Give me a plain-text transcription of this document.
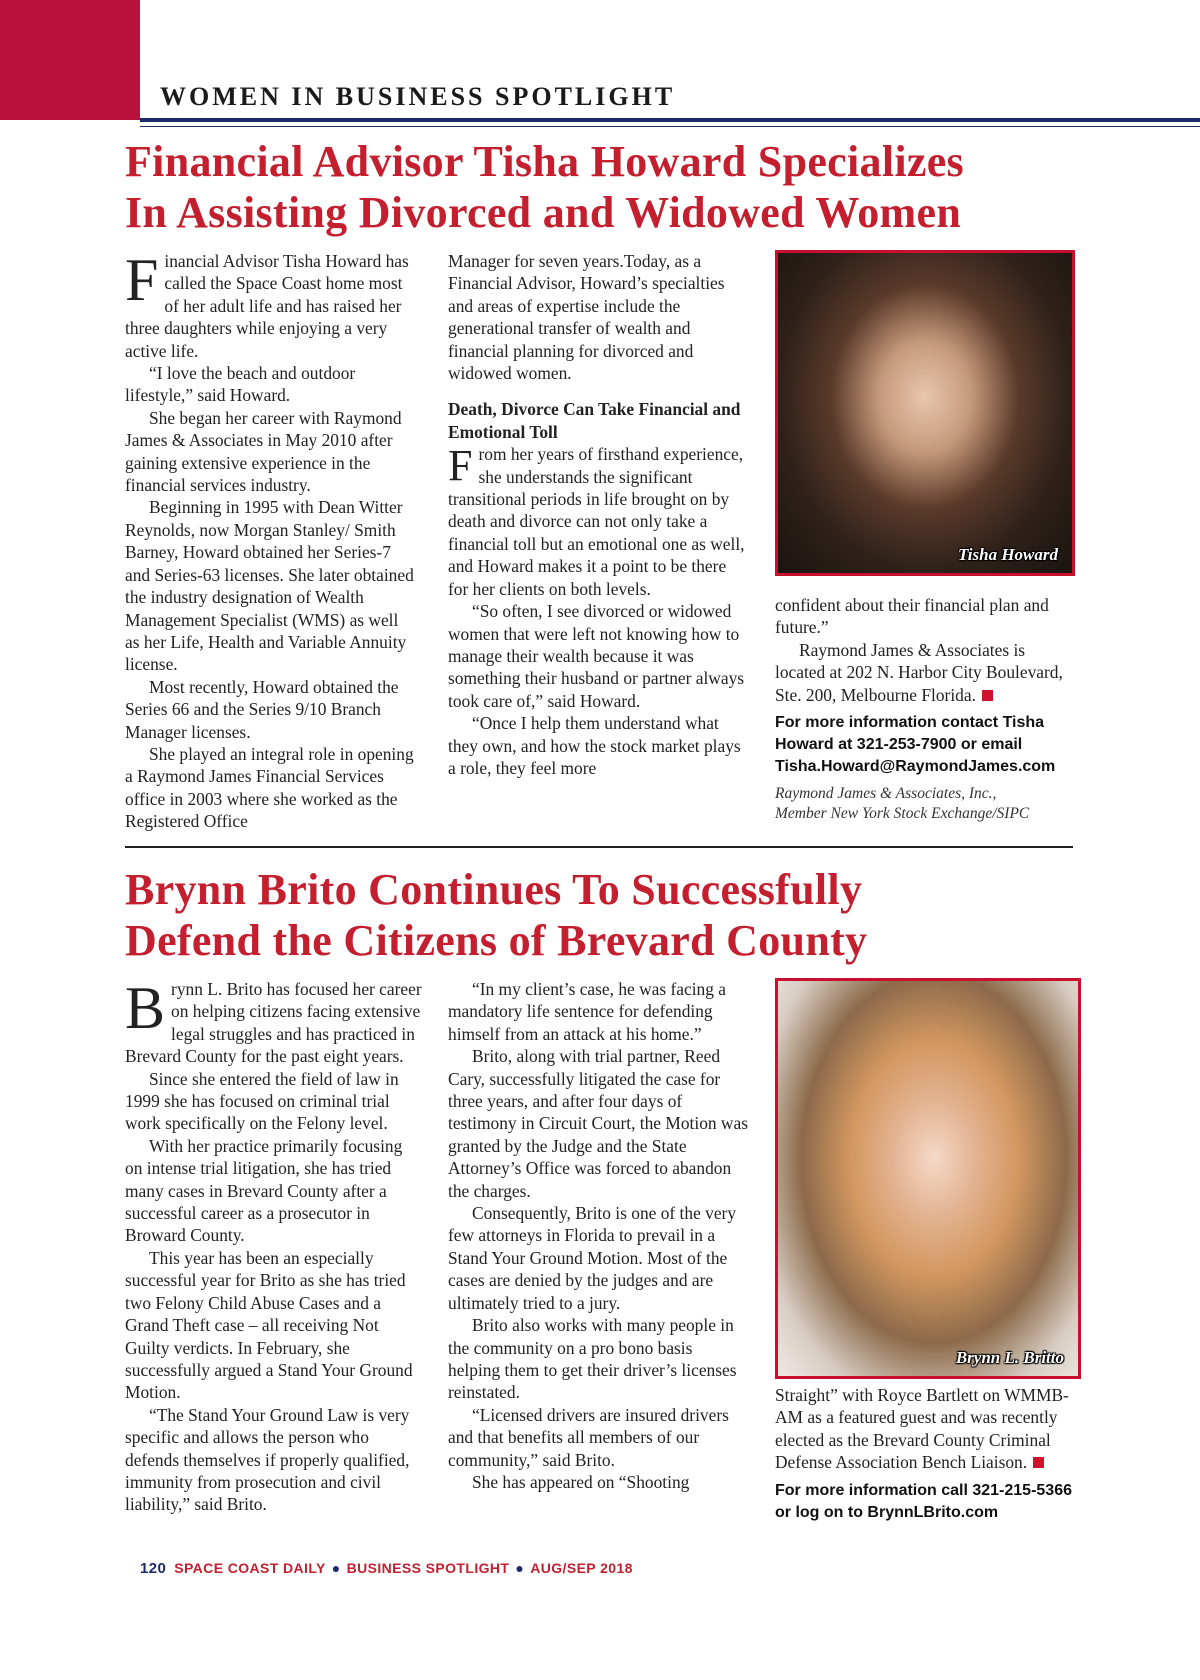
WOMEN IN BUSINESS SPOTLIGHT
Financial Advisor Tisha Howard Specializes
In Assisting Divorced and Widowed Women

Financial Advisor Tisha Howard has called the Space Coast home most of her adult life and has raised her three daughters while enjoying a very active life.

“I love the beach and outdoor lifestyle,” said Howard.

She began her career with Raymond James & Associates in May 2010 after gaining extensive experience in the financial services industry.

Beginning in 1995 with Dean Witter Reynolds, now Morgan Stanley/ Smith Barney, Howard obtained her Series-7 and Series-63 licenses. She later obtained the industry designation of Wealth Management Specialist (WMS) as well as her Life, Health and Variable Annuity license.

Most recently, Howard obtained the Series 66 and the Series 9/10 Branch Manager licenses.

She played an integral role in opening a Raymond James Financial Services office in 2003 where she worked as the Registered Office

Manager for seven years.Today, as a Financial Advisor, Howard’s specialties and areas of expertise include the generational transfer of wealth and financial planning for divorced and widowed women.

Death, Divorce Can Take Financial and Emotional Toll

From her years of firsthand experience, she understands the significant transitional periods in life brought on by death and divorce can not only take a financial toll but an emotional one as well, and Howard makes it a point to be there for her clients on both levels.

“So often, I see divorced or widowed women that were left not knowing how to manage their wealth because it was something their husband or partner always took care of,” said Howard.

“Once I help them understand what they own, and how the stock market plays a role, they feel more

Tisha Howard

confident about their financial plan and future.”

Raymond James & Associates is located at 202 N. Harbor City Boulevard, Ste. 200, Melbourne Florida.

For more information contact Tisha Howard at 321-253-7900 or email Tisha.Howard@RaymondJames.com

Raymond James & Associates, Inc.,
Member New York Stock Exchange/SIPC

Brynn Brito Continues To Successfully
Defend the Citizens of Brevard County

Brynn L. Brito has focused her career on helping citizens facing extensive legal struggles and has practiced in Brevard County for the past eight years.

Since she entered the field of law in 1999 she has focused on criminal trial work specifically on the Felony level.

With her practice primarily focusing on intense trial litigation, she has tried many cases in Brevard County after a successful career as a prosecutor in Broward County.

This year has been an especially successful year for Brito as she has tried two Felony Child Abuse Cases and a Grand Theft case – all receiving Not Guilty verdicts. In February, she successfully argued a Stand Your Ground Motion.

“The Stand Your Ground Law is very specific and allows the person who defends themselves if properly qualified, immunity from prosecution and civil liability,” said Brito.

“In my client’s case, he was facing a mandatory life sentence for defending himself from an attack at his home.”

Brito, along with trial partner, Reed Cary, successfully litigated the case for three years, and after four days of testimony in Circuit Court, the Motion was granted by the Judge and the State Attorney’s Office was forced to abandon the charges.

Consequently, Brito is one of the very few attorneys in Florida to prevail in a Stand Your Ground Motion. Most of the cases are denied by the judges and are ultimately tried to a jury.

Brito also works with many people in the community on a pro bono basis helping them to get their driver’s licenses reinstated.

“Licensed drivers are insured drivers and that benefits all members of our community,” said Brito.

She has appeared on “Shooting

Brynn L. Britto

Straight” with Royce Bartlett on WMMB-AM as a featured guest and was recently elected as the Brevard County Criminal Defense Association Bench Liaison.

For more information call 321-215-5366 or log on to BrynnLBrito.com

120 SPACE COAST DAILY ● BUSINESS SPOTLIGHT ● AUG/SEP 2018
